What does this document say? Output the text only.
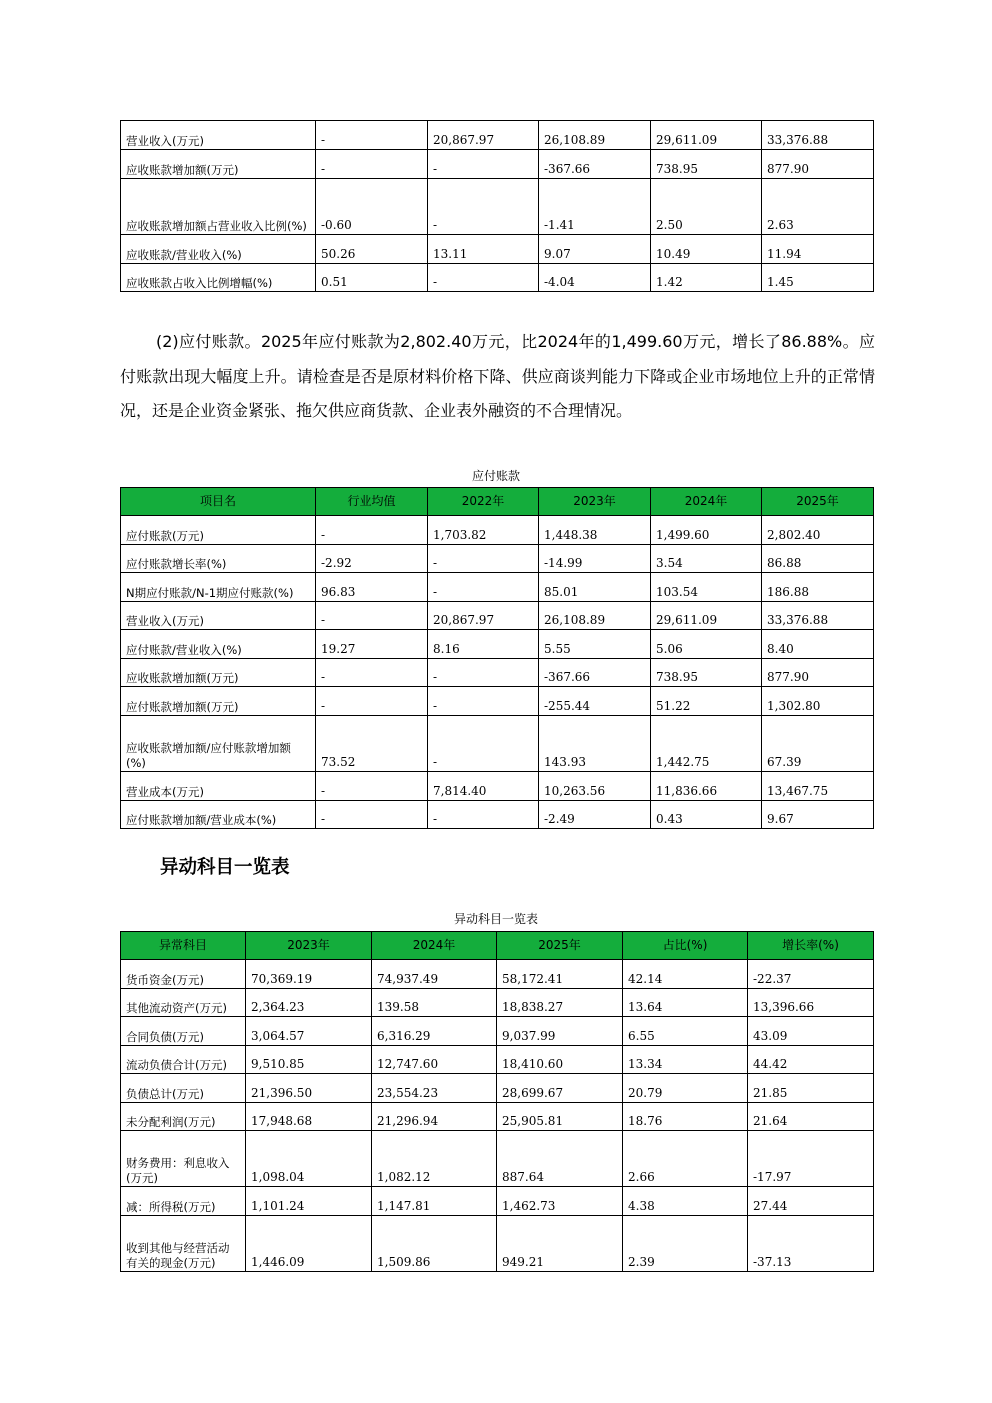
营业收入(万元)	-	20,867.97	26,108.89	29,611.09	33,376.88
应收账款增加额(万元)	-	-	-367.66	738.95	877.90
应收账款增加额占营业收入比例(%)	-0.60	-	-1.41	2.50	2.63
应收账款/营业收入(%)	50.26	13.11	9.07	10.49	11.94
应收账款占收入比例增幅(%)	0.51	-	-4.04	1.42	1.45
(2)应付账款。2025年应付账款为2,802.40万元，比2024年的1,499.60万元，增长了86.88%。应付账款出现大幅度上升。请检查是否是原材料价格下降、供应商谈判能力下降或企业市场地位上升的正常情况，还是企业资金紧张、拖欠供应商货款、企业表外融资的不合理情况。
应付账款
项目名	行业均值	2022年	2023年	2024年	2025年
应付账款(万元)	-	1,703.82	1,448.38	1,499.60	2,802.40
应付账款增长率(%)	-2.92	-	-14.99	3.54	86.88
N期应付账款/N-1期应付账款(%)	96.83	-	85.01	103.54	186.88
营业收入(万元)	-	20,867.97	26,108.89	29,611.09	33,376.88
应付账款/营业收入(%)	19.27	8.16	5.55	5.06	8.40
应收账款增加额(万元)	-	-	-367.66	738.95	877.90
应付账款增加额(万元)	-	-	-255.44	51.22	1,302.80
应收账款增加额/应付账款增加额(%)	73.52	-	143.93	1,442.75	67.39
营业成本(万元)	-	7,814.40	10,263.56	11,836.66	13,467.75
应付账款增加额/营业成本(%)	-	-	-2.49	0.43	9.67
异动科目一览表
异动科目一览表
异常科目	2023年	2024年	2025年	占比(%)	增长率(%)
货币资金(万元)	70,369.19	74,937.49	58,172.41	42.14	-22.37
其他流动资产(万元)	2,364.23	139.58	18,838.27	13.64	13,396.66
合同负债(万元)	3,064.57	6,316.29	9,037.99	6.55	43.09
流动负债合计(万元)	9,510.85	12,747.60	18,410.60	13.34	44.42
负债总计(万元)	21,396.50	23,554.23	28,699.67	20.79	21.85
未分配利润(万元)	17,948.68	21,296.94	25,905.81	18.76	21.64
财务费用：利息收入(万元)	1,098.04	1,082.12	887.64	2.66	-17.97
减：所得税(万元)	1,101.24	1,147.81	1,462.73	4.38	27.44
收到其他与经营活动有关的现金(万元)	1,446.09	1,509.86	949.21	2.39	-37.13
